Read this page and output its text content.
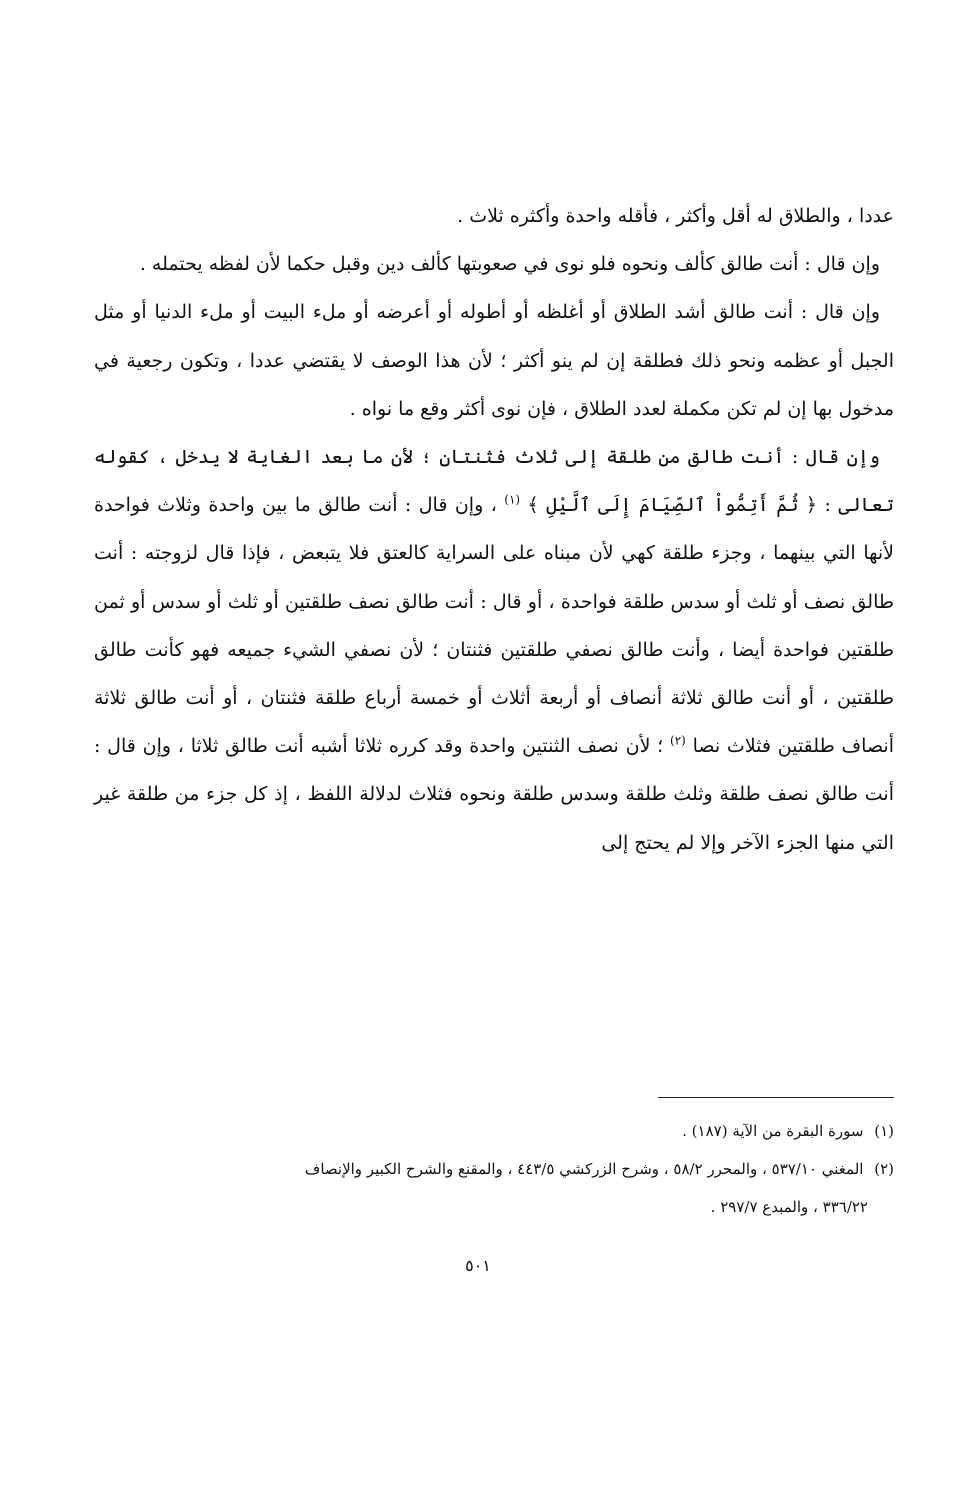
عددا ، والطلاق له أقل وأكثر ، فأقله واحدة وأكثره ثلاث .

وإن قال : أنت طالق كألف ونحوه فلو نوى في صعوبتها كألف دين وقبل حكما لأن لفظه يحتمله .

وإن قال : أنت طالق أشد الطلاق أو أغلظه أو أطوله أو أعرضه أو ملء البيت أو ملء الدنيا أو مثل الجبل أو عظمه ونحو ذلك فطلقة إن لم ينو أكثر ؛ لأن هذا الوصف لا يقتضي عددا ، وتكون رجعية في مدخول بها إن لم تكن مكملة لعدد الطلاق ، فإن نوى أكثر وقع ما نواه .

وإن قال : أنت طالق من طلقة إلى ثلاث فثنتان ؛ لأن ما بعد الغاية لا يدخل ، كقوله تعالى : ﴿ ثُمَّ أَتِمُّواْ ٱلصِّيَامَ إِلَى ٱلَّيْلِ ﴾ $^{(١)}$ ، وإن قال : أنت طالق ما بين واحدة وثلاث فواحدة لأنها التي بينهما ، وجزء طلقة كهي لأن مبناه على السراية كالعتق فلا يتبعض ، فإذا قال لزوجته : أنت طالق نصف أو ثلث أو سدس طلقة فواحدة ، أو قال : أنت طالق نصف طلقتين أو ثلث أو سدس أو ثمن طلقتين فواحدة أيضا ، وأنت طالق نصفي طلقتين فثنتان ؛ لأن نصفي الشيء جميعه فهو كأنت طالق طلقتين ، أو أنت طالق ثلاثة أنصاف أو أربعة أثلاث أو خمسة أرباع طلقة فثنتان ، أو أنت طالق ثلاثة أنصاف طلقتين فثلاث نصا $^{(٢)}$ ؛ لأن نصف الثنتين واحدة وقد كرره ثلاثا أشبه أنت طالق ثلاثا ، وإن قال : أنت طالق نصف طلقة وثلث طلقة وسدس طلقة ونحوه فثلاث لدلالة اللفظ ، إذ كل جزء من طلقة غير التي منها الجزء الآخر وإلا لم يحتج إلى

(١) سورة البقرة من الآية (١٨٧) .

(٢) المغني ٥٣٧/١٠ ، والمحرر ٥٨/٢ ، وشرح الزركشي ٤٤٣/٥ ، والمقنع والشرح الكبير والإنصاف

٣٣٦/٢٢ ، والمبدع ٢٩٧/٧ .

٥٠١
